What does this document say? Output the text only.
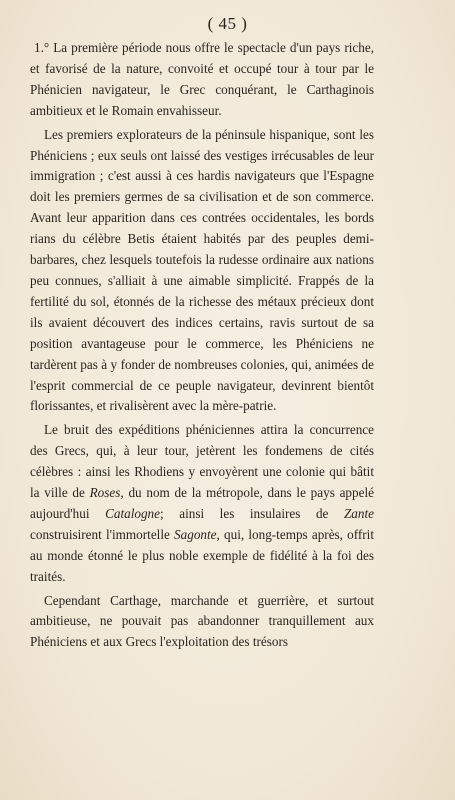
( 45 )

1.° La première période nous offre le spectacle d'un pays riche, et favorisé de la nature, convoité et occupé tour à tour par le Phénicien navigateur, le Grec conquérant, le Carthaginois ambitieux et le Romain envahisseur.

Les premiers explorateurs de la péninsule hispanique, sont les Phéniciens ; eux seuls ont laissé des vestiges irrécusables de leur immigration ; c'est aussi à ces hardis navigateurs que l'Espagne doit les premiers germes de sa civilisation et de son commerce. Avant leur apparition dans ces contrées occidentales, les bords rians du célèbre Betis étaient habités par des peuples demi-barbares, chez lesquels toutefois la rudesse ordinaire aux nations peu connues, s'alliait à une aimable simplicité. Frappés de la fertilité du sol, étonnés de la richesse des métaux précieux dont ils avaient découvert des indices certains, ravis surtout de sa position avantageuse pour le commerce, les Phéniciens ne tardèrent pas à y fonder de nombreuses colonies, qui, animées de l'esprit commercial de ce peuple navigateur, devinrent bientôt florissantes, et rivalisèrent avec la mère-patrie.

Le bruit des expéditions phéniciennes attira la concurrence des Grecs, qui, à leur tour, jetèrent les fondemens de cités célèbres : ainsi les Rhodiens y envoyèrent une colonie qui bâtit la ville de Roses, du nom de la métropole, dans le pays appelé aujourd'hui Catalogne; ainsi les insulaires de Zante construisirent l'immortelle Sagonte, qui, long-temps après, offrit au monde étonné le plus noble exemple de fidélité à la foi des traités.

Cependant Carthage, marchande et guerrière, et surtout ambitieuse, ne pouvait pas abandonner tranquillement aux Phéniciens et aux Grecs l'exploitation des trésors
